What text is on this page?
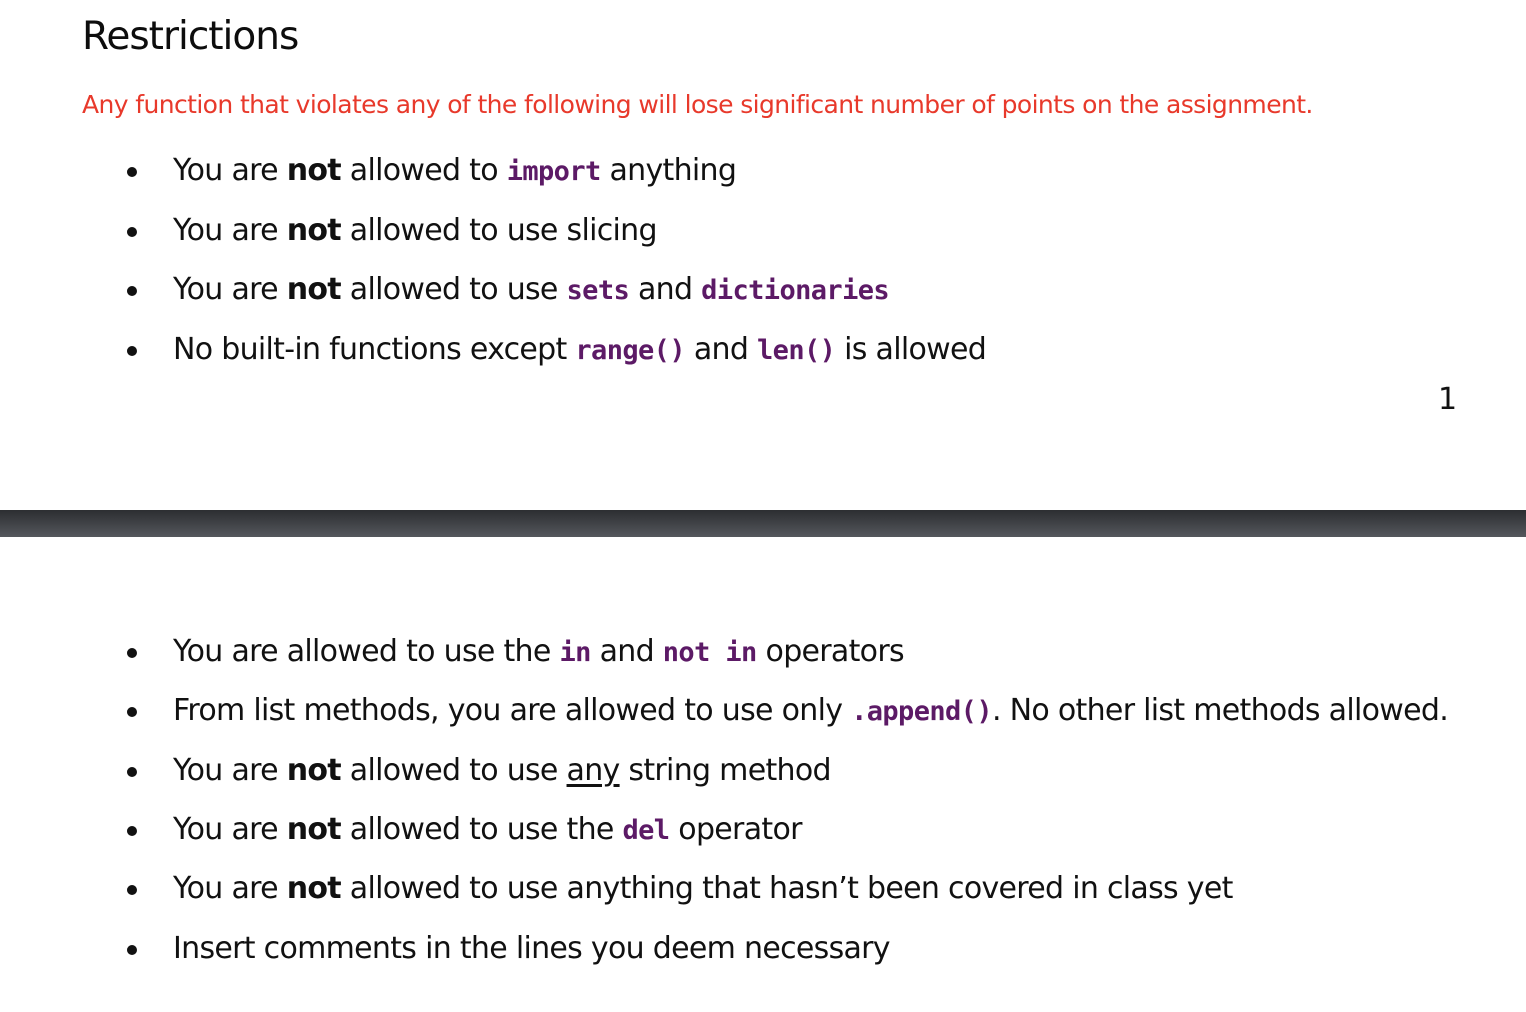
Restrictions

Any function that violates any of the following will lose significant number of points on the assignment.

You are not allowed to import anything
You are not allowed to use slicing
You are not allowed to use sets and dictionaries
No built-in functions except range() and len() is allowed
1
You are allowed to use the in and not in operators
From list methods, you are allowed to use only .append(). No other list methods allowed.
You are not allowed to use any string method
You are not allowed to use the del operator
You are not allowed to use anything that hasn’t been covered in class yet
Insert comments in the lines you deem necessary
